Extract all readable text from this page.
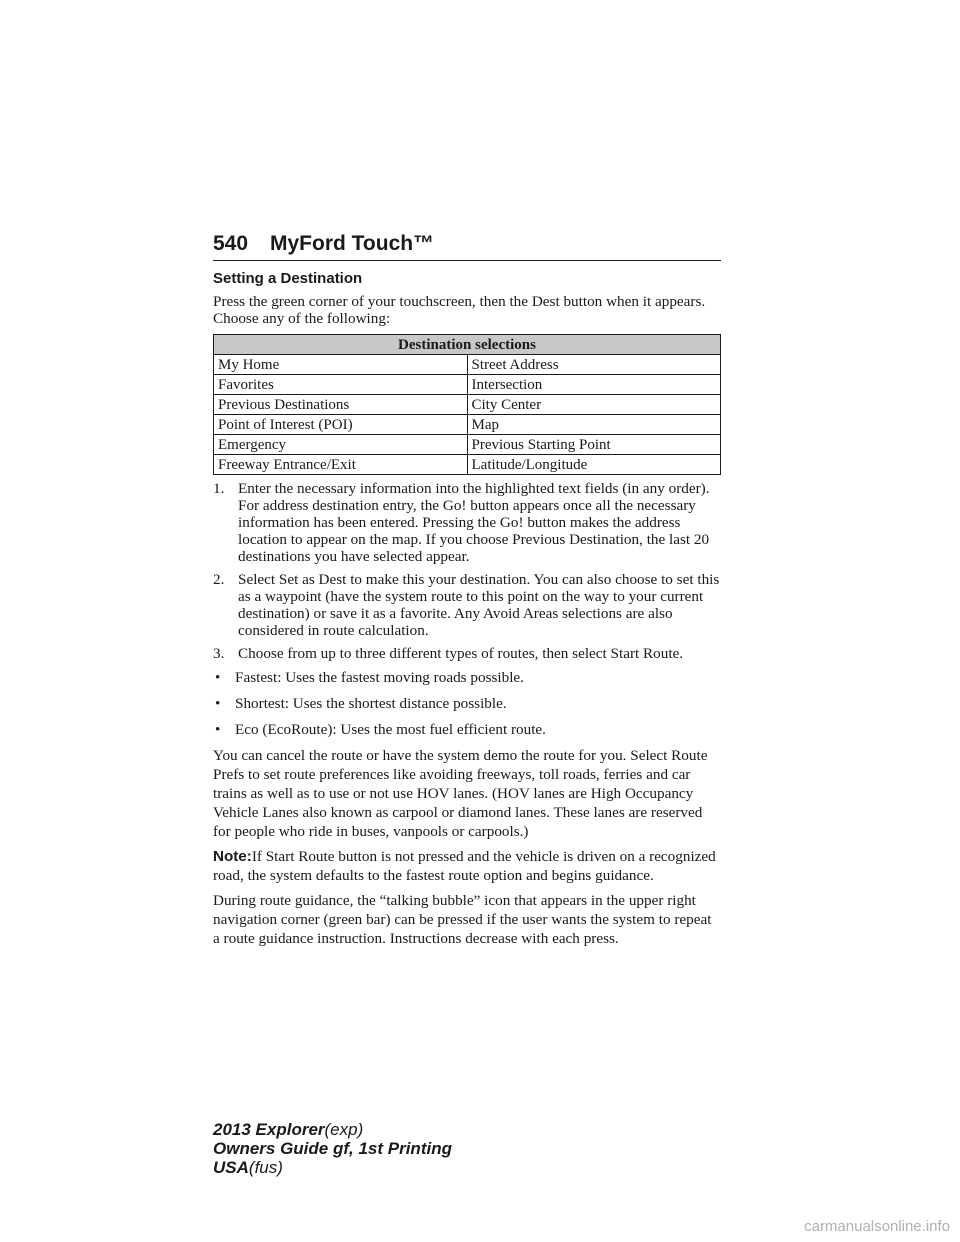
540 MyFord Touch™
Setting a Destination

Press the green corner of your touchscreen, then the Dest button when it appears. Choose any of the following:

Destination selections	
My Home	Street Address
Favorites	Intersection
Previous Destinations	City Center
Point of Interest (POI)	Map
Emergency	Previous Starting Point
Freeway Entrance/Exit	Latitude/Longitude
1. Enter the necessary information into the highlighted text fields (in any order). For address destination entry, the Go! button appears once all the necessary information has been entered. Pressing the Go! button makes the address location to appear on the map. If you choose Previous Destination, the last 20 destinations you have selected appear.
2. Select Set as Dest to make this your destination. You can also choose to set this as a waypoint (have the system route to this point on the way to your current destination) or save it as a favorite. Any Avoid Areas selections are also considered in route calculation.
3. Choose from up to three different types of routes, then select Start Route.
• Fastest: Uses the fastest moving roads possible.
• Shortest: Uses the shortest distance possible.
• Eco (EcoRoute): Uses the most fuel efficient route.

You can cancel the route or have the system demo the route for you. Select Route Prefs to set route preferences like avoiding freeways, toll roads, ferries and car trains as well as to use or not use HOV lanes. (HOV lanes are High Occupancy Vehicle Lanes also known as carpool or diamond lanes. These lanes are reserved for people who ride in buses, vanpools or carpools.)

Note:If Start Route button is not pressed and the vehicle is driven on a recognized road, the system defaults to the fastest route option and begins guidance.

During route guidance, the “talking bubble” icon that appears in the upper right navigation corner (green bar) can be pressed if the user wants the system to repeat a route guidance instruction. Instructions decrease with each press.

2013 Explorer(exp)
Owners Guide gf, 1st Printing
USA(fus)
carmanualsonline.info
